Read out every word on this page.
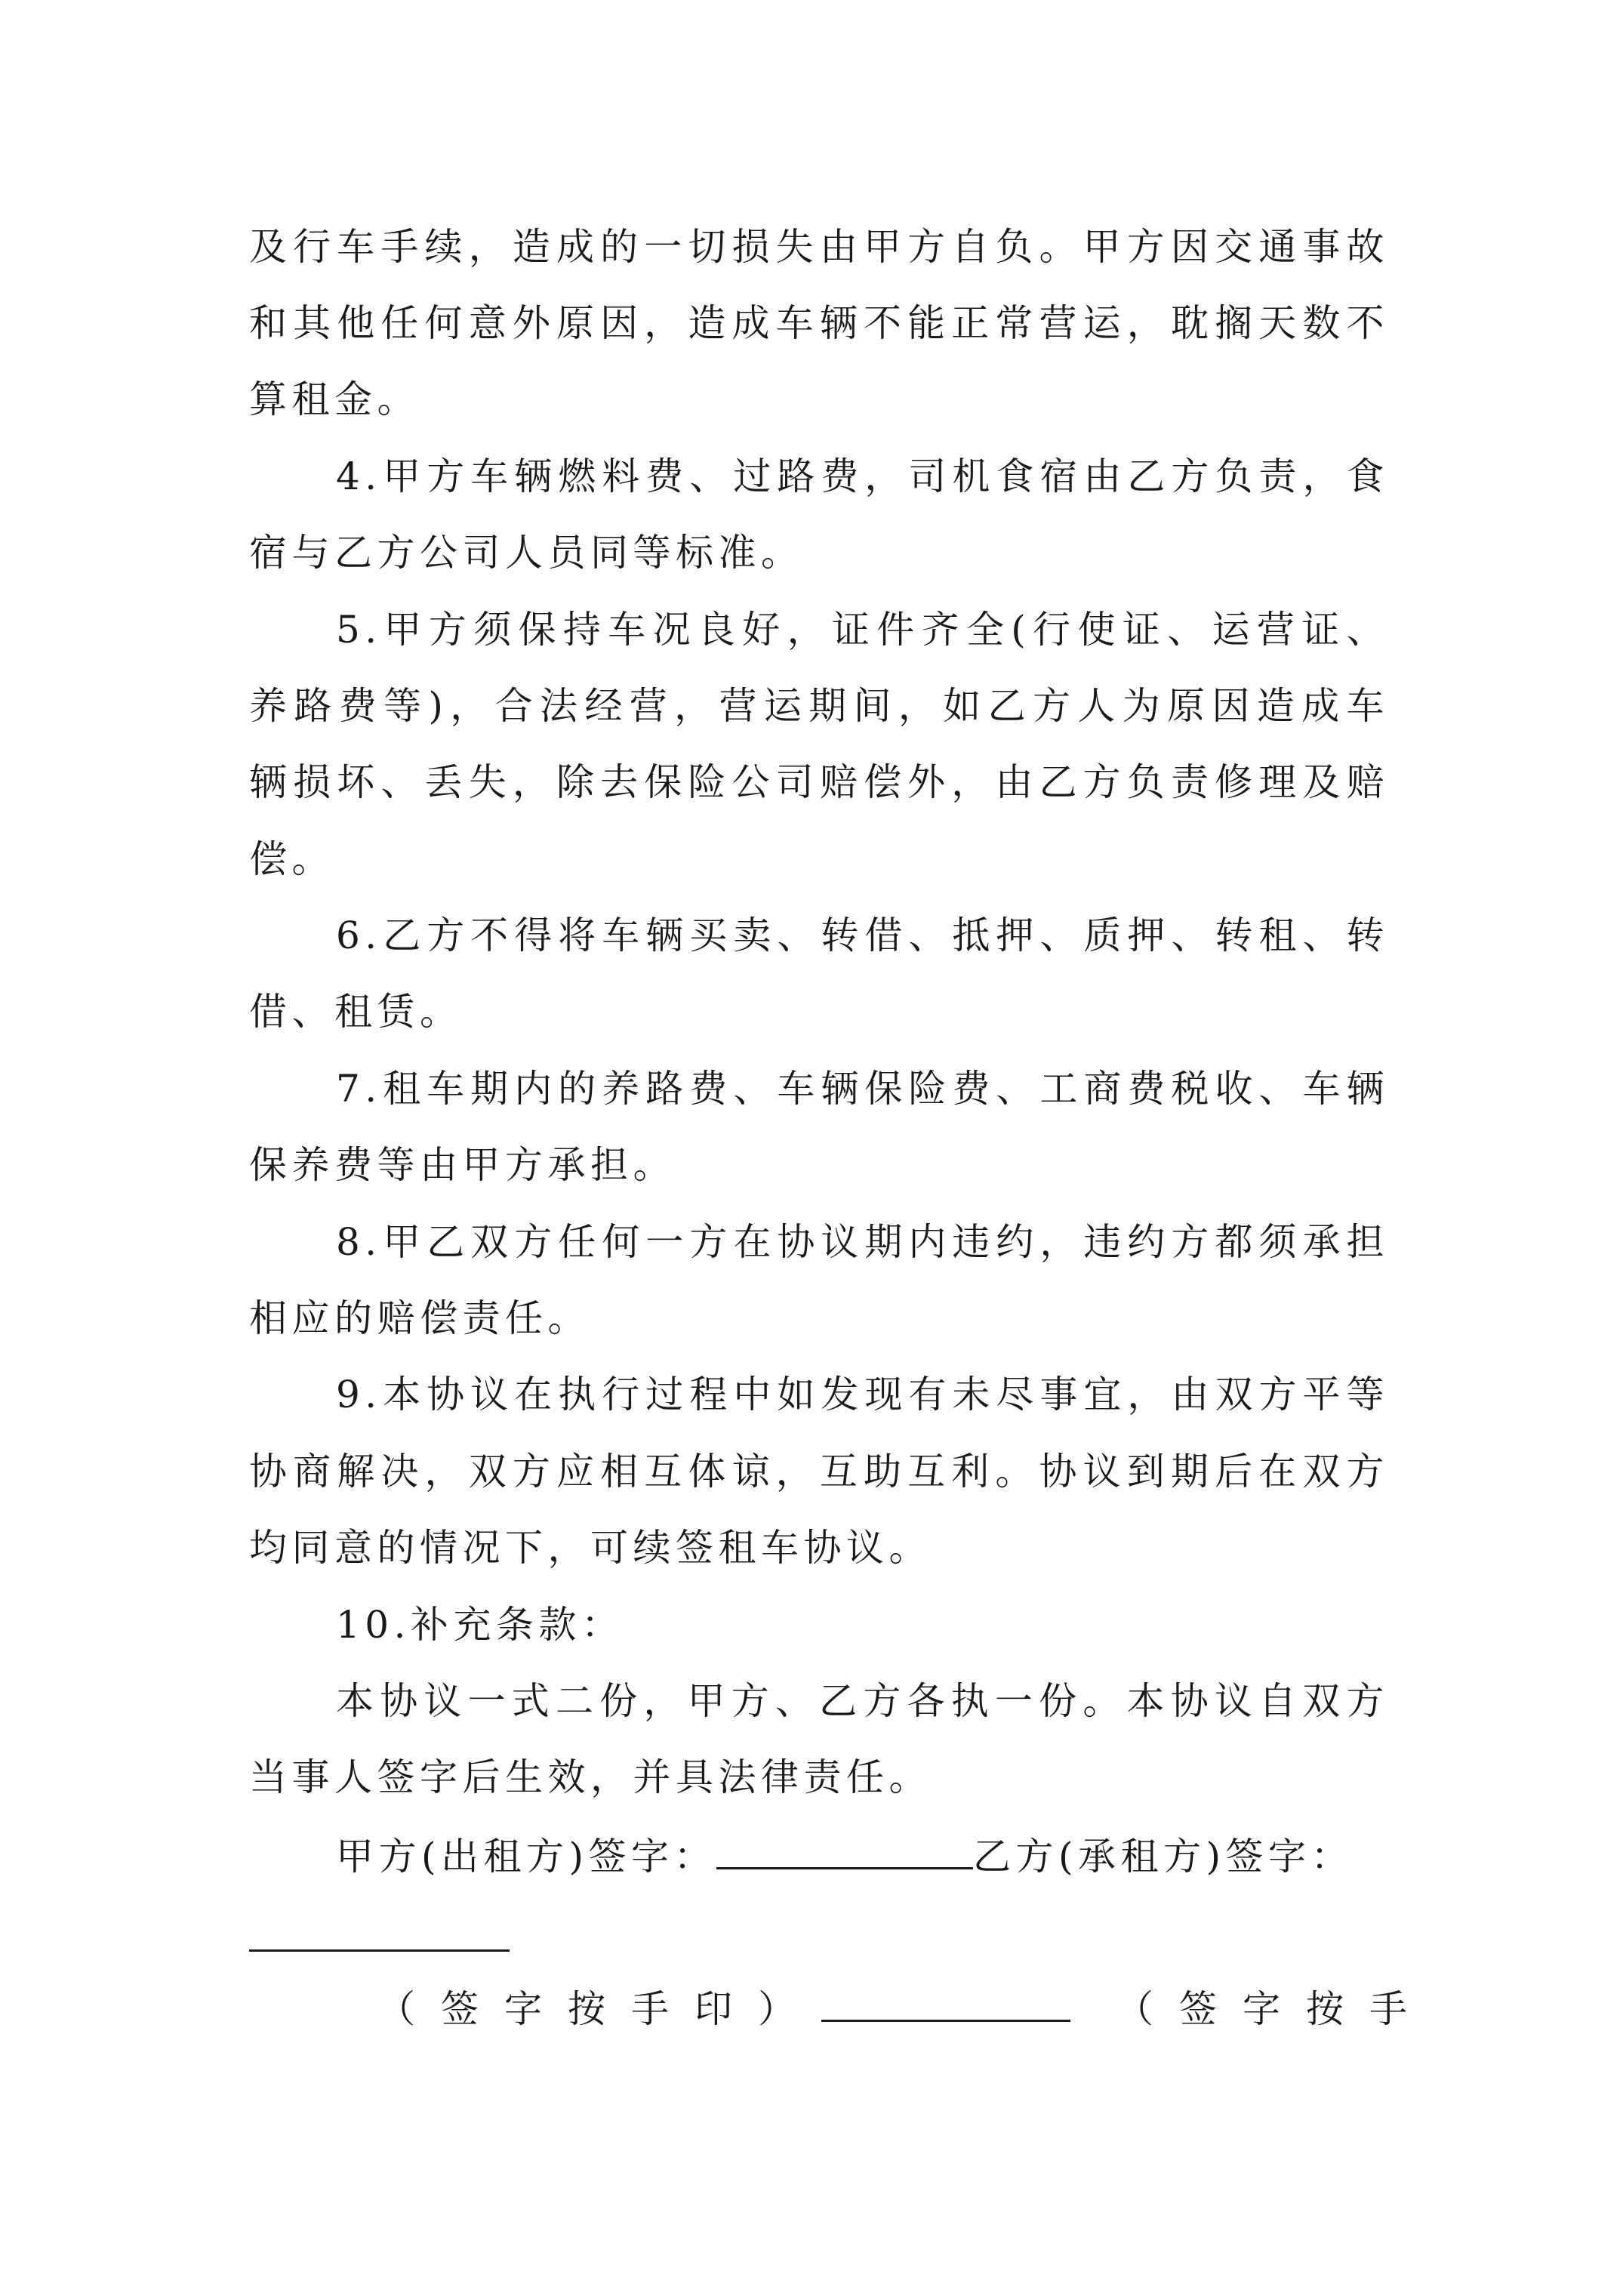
及行车手续，造成的一切损失由甲方自负。甲方因交通事故
和其他任何意外原因，造成车辆不能正常营运，耽搁天数不
算租金。
4.甲方车辆燃料费、过路费，司机食宿由乙方负责，食
宿与乙方公司人员同等标准。
5.甲方须保持车况良好，证件齐全(行使证、运营证、
养路费等)，合法经营，营运期间，如乙方人为原因造成车
辆损坏、丢失，除去保险公司赔偿外，由乙方负责修理及赔
偿。
6.乙方不得将车辆买卖、转借、抵押、质押、转租、转
借、租赁。
7.租车期内的养路费、车辆保险费、工商费税收、车辆
保养费等由甲方承担。
8.甲乙双方任何一方在协议期内违约，违约方都须承担
相应的赔偿责任。
9.本协议在执行过程中如发现有未尽事宜，由双方平等
协商解决，双方应相互体谅，互助互利。协议到期后在双方
均同意的情况下，可续签租车协议。
10.补充条款：
本协议一式二份，甲方、乙方各执一份。本协议自双方
当事人签字后生效，并具法律责任。
甲方(出租方)签字：	乙方(承租方)签字：
（签字按手印）	（签字按手
